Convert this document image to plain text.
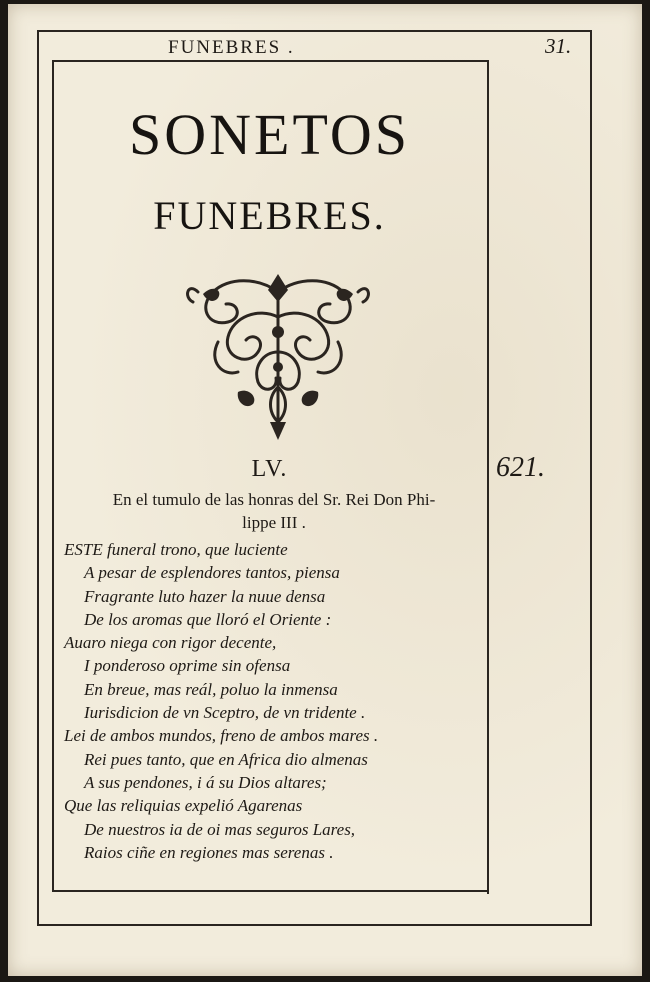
FUNEBRES .	31.
SONETOS
FUNEBRES.
LV.	621.
En el tumulo de las honras del Sr. Rei Don Phi-
lippe III .
ESTE funeral trono, que luciente
A pesar de esplendores tantos, piensa
Fragrante luto hazer la nuue densa
De los aromas que lloró el Oriente :
Auaro niega con rigor decente,
I ponderoso oprime sin ofensa
En breue, mas reál, poluo la inmensa
Iurisdicion de vn Sceptro, de vn tridente .
Lei de ambos mundos, freno de ambos mares .
Rei pues tanto, que en Africa dio almenas
A sus pendones, i á su Dios altares;
Que las reliquias expelió Agarenas
De nuestros ia de oi mas seguros Lares,
Raios ciñe en regiones mas serenas .
